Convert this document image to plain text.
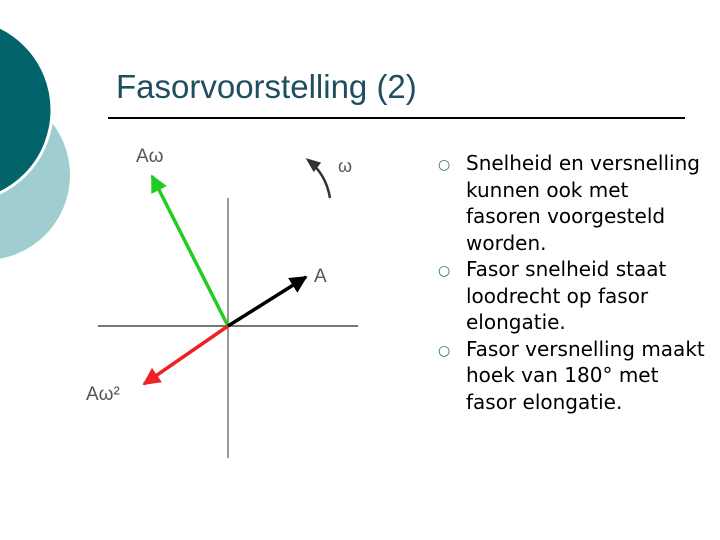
Fasorvoorstelling (2)
Aω	ω
A
Aω²
○ Snelheid en versnelling kunnen ook met fasoren voorgesteld worden.
○ Fasor snelheid staat loodrecht op fasor elongatie.
○ Fasor versnelling maakt hoek van 180° met fasor elongatie.
